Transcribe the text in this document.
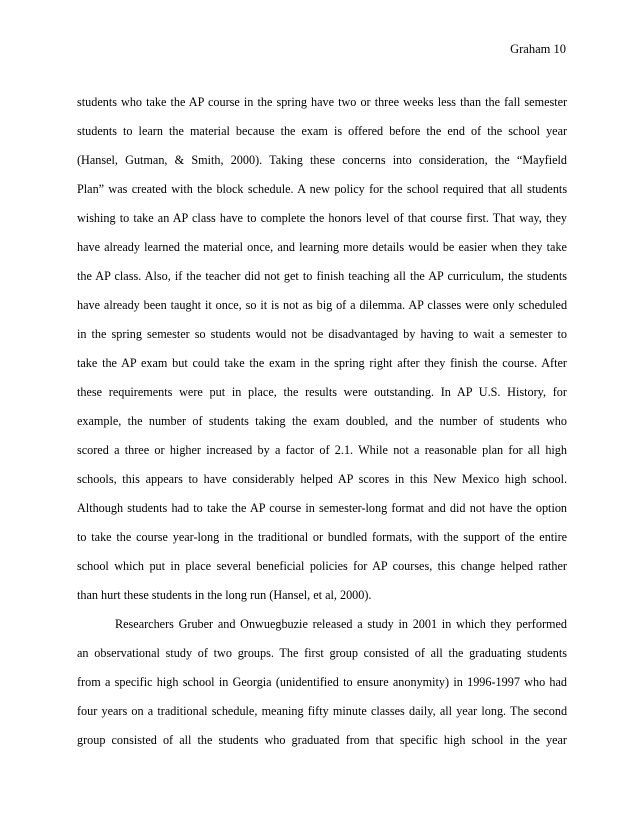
Graham 10
students who take the AP course in the spring have two or three weeks less than the fall semester
students to learn the material because the exam is offered before the end of the school year
(Hansel, Gutman, & Smith, 2000). Taking these concerns into consideration, the “Mayfield
Plan” was created with the block schedule. A new policy for the school required that all students
wishing to take an AP class have to complete the honors level of that course first. That way, they
have already learned the material once, and learning more details would be easier when they take
the AP class. Also, if the teacher did not get to finish teaching all the AP curriculum, the students
have already been taught it once, so it is not as big of a dilemma. AP classes were only scheduled
in the spring semester so students would not be disadvantaged by having to wait a semester to
take the AP exam but could take the exam in the spring right after they finish the course. After
these requirements were put in place, the results were outstanding. In AP U.S. History, for
example, the number of students taking the exam doubled, and the number of students who
scored a three or higher increased by a factor of 2.1. While not a reasonable plan for all high
schools, this appears to have considerably helped AP scores in this New Mexico high school.
Although students had to take the AP course in semester-long format and did not have the option
to take the course year-long in the traditional or bundled formats, with the support of the entire
school which put in place several beneficial policies for AP courses, this change helped rather
than hurt these students in the long run (Hansel, et al, 2000).
Researchers Gruber and Onwuegbuzie released a study in 2001 in which they performed
an observational study of two groups. The first group consisted of all the graduating students
from a specific high school in Georgia (unidentified to ensure anonymity) in 1996-1997 who had
four years on a traditional schedule, meaning fifty minute classes daily, all year long. The second
group consisted of all the students who graduated from that specific high school in the year
